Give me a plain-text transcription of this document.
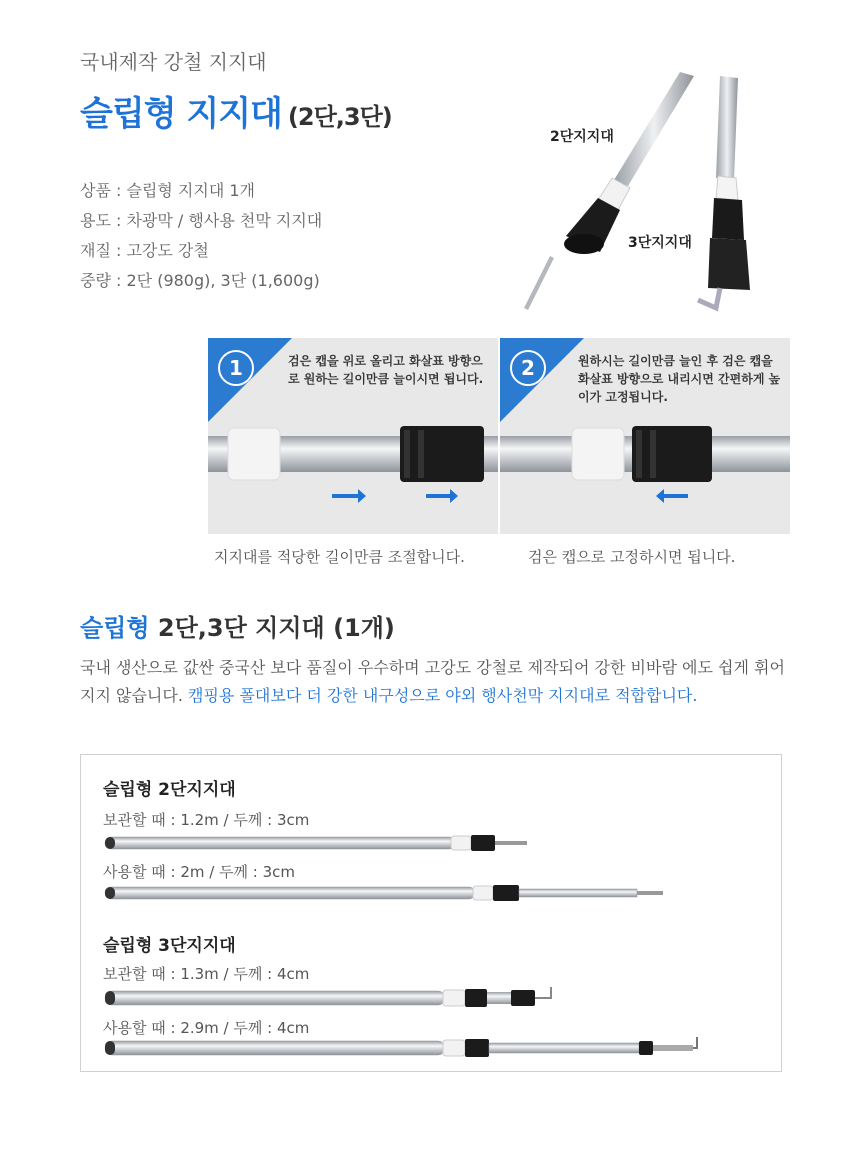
국내제작 강철 지지대
슬립형 지지대 (2단,3단)
상품 : 슬립형 지지대 1개
용도 : 차광막 / 행사용 천막 지지대
재질 : 고강도 강철
중량 : 2단 (980g), 3단 (1,600g)
2단지지대
3단지지대
1	검은 캡을 위로 올리고 화살표 방향으로 원하는 길이만큼 늘이시면 됩니다.	2	원하시는 길이만큼 늘인 후 검은 캡을 화살표 방향으로 내리시면 간편하게 높이가 고정됩니다.
지지대를 적당한 길이만큼 조절합니다.	검은 캡으로 고정하시면 됩니다.
슬립형 2단,3단 지지대 (1개)
국내 생산으로 값싼 중국산 보다 품질이 우수하며 고강도 강철로 제작되어 강한 비바람 에도 쉽게 휘어지지 않습니다. 캠핑용 폴대보다 더 강한 내구성으로 야외 행사천막 지지대로 적합합니다.
슬립형 2단지지대
보관할 때 : 1.2m / 두께 : 3cm
사용할 때 : 2m / 두께 : 3cm
슬립형 3단지지대
보관할 때 : 1.3m / 두께 : 4cm
사용할 때 : 2.9m / 두께 : 4cm
